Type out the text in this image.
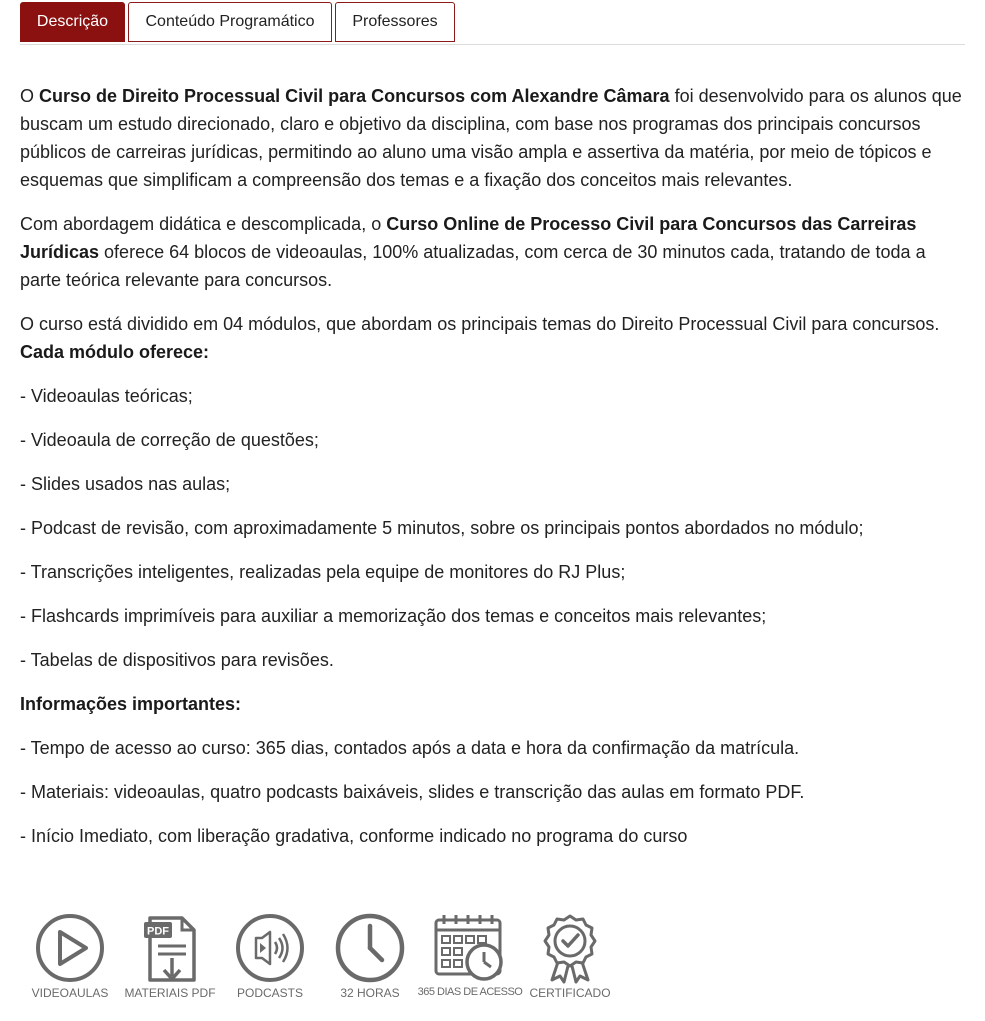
Descrição	Conteúdo Programático	Professores

O Curso de Direito Processual Civil para Concursos com Alexandre Câmara foi desenvolvido para os alunos que buscam um estudo direcionado, claro e objetivo da disciplina, com base nos programas dos principais concursos públicos de carreiras jurídicas, permitindo ao aluno uma visão ampla e assertiva da matéria, por meio de tópicos e esquemas que simplificam a compreensão dos temas e a fixação dos conceitos mais relevantes.

Com abordagem didática e descomplicada, o Curso Online de Processo Civil para Concursos das Carreiras Jurídicas oferece 64 blocos de videoaulas, 100% atualizadas, com cerca de 30 minutos cada, tratando de toda a parte teórica relevante para concursos.

O curso está dividido em 04 módulos, que abordam os principais temas do Direito Processual Civil para concursos. Cada módulo oferece:

- Videoaulas teóricas;

- Videoaula de correção de questões;

- Slides usados nas aulas;

- Podcast de revisão, com aproximadamente 5 minutos, sobre os principais pontos abordados no módulo;

- Transcrições inteligentes, realizadas pela equipe de monitores do RJ Plus;

- Flashcards imprimíveis para auxiliar a memorização dos temas e conceitos mais relevantes;

- Tabelas de dispositivos para revisões.

Informações importantes:

- Tempo de acesso ao curso: 365 dias, contados após a data e hora da confirmação da matrícula.

- Materiais: videoaulas, quatro podcasts baixáveis, slides e transcrição das aulas em formato PDF.

- Início Imediato, com liberação gradativa, conforme indicado no programa do curso

VIDEOAULAS
PDF
MATERIAIS PDF	PODCASTS	32 HORAS	365 DIAS DE ACESSO CERTIFICADO
